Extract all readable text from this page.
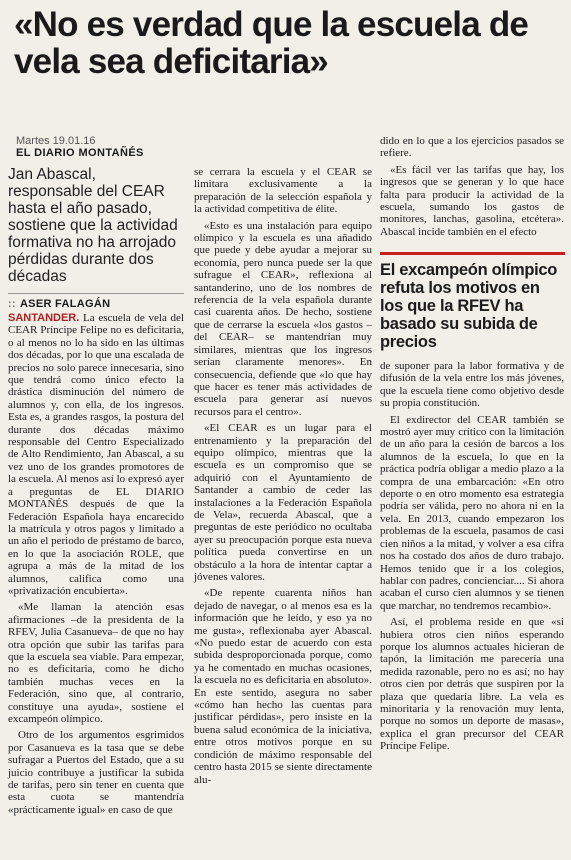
«No es verdad que la escuela de vela sea deficitaria»
Martes 19.01.16
EL DIARIO MONTAÑÉS
Jan Abascal, responsable del CEAR hasta el año pasado, sostiene que la actividad formativa no ha arrojado pérdidas durante dos décadas
:: ASER FALAGÁN

SANTANDER. La escuela de vela del CEAR Príncipe Felipe no es deficitaria, o al menos no lo ha sido en las últimas dos décadas, por lo que una escalada de precios no solo parece innecesaria, sino que tendrá como único efecto la drástica disminución del número de alumnos y, con ella, de los ingresos. Esta es, a grandes rasgos, la postura del durante dos décadas máximo responsable del Centro Especializado de Alto Rendimiento, Jan Abascal, a su vez uno de los grandes promotores de la escuela. Al menos así lo expresó ayer a preguntas de EL DIARIO MONTAÑÉS después de que la Federación Española haya encarecido la matrícula y otros pagos y limitado a un año el periodo de préstamo de barco, en lo que la asociación ROLE, que agrupa a más de la mitad de los alumnos, califica como una «privatización encubierta».

«Me llaman la atención esas afirmaciones –de la presidenta de la RFEV, Julia Casanueva– de que no hay otra opción que subir las tarifas para que la escuela sea viable. Para empezar, no es deficitaria, como he dicho también muchas veces en la Federación, sino que, al contrario, constituye una ayuda», sostiene el excampeón olímpico.

Otro de los argumentos esgrimidos por Casanueva es la tasa que se debe sufragar a Puertos del Estado, que a su juicio contribuye a justificar la subida de tarifas, pero sin tener en cuenta que esta cuota se mantendría «prácticamente igual» en caso de que

se cerrara la escuela y el CEAR se limitara exclusivamente a la preparación de la selección española y la actividad competitiva de élite.

«Esto es una instalación para equipo olímpico y la escuela es una añadido que puede y debe ayudar a mejorar su economía, pero nunca puede ser la que sufrague el CEAR», reflexiona al santanderino, uno de los nombres de referencia de la vela española durante casi cuarenta años. De hecho, sostiene que de cerrarse la escuela «los gastos –del CEAR– se mantendrían muy similares, mientras que los ingresos serían claramente menores». En consecuencia, defiende que «lo que hay que hacer es tener más actividades de escuela para generar así nuevos recursos para el centro».

«El CEAR es un lugar para el entrenamiento y la preparación del equipo olímpico, mientras que la escuela es un compromiso que se adquirió con el Ayuntamiento de Santander a cambio de ceder las instalaciones a la Federación Española de Vela», recuerda Abascal, que a preguntas de este periódico no ocultaba ayer su preocupación porque esta nueva política pueda convertirse en un obstáculo a la hora de intentar captar a jóvenes valores.

«De repente cuarenta niños han dejado de navegar, o al menos esa es la información que he leído, y eso ya no me gusta», reflexionaba ayer Abascal. «No puedo estar de acuerdo con esta subida desproporcionada porque, como ya he comentado en muchas ocasiones, la escuela no es deficitaria en absoluto». En este sentido, asegura no saber «cómo han hecho las cuentas para justificar pérdidas», pero insiste en la buena salud económica de la iniciativa, entre otros motivos porque en su condición de máximo responsable del centro hasta 2015 se siente directamente alu-

dido en lo que a los ejercicios pasados se refiere.

«Es fácil ver las tarifas que hay, los ingresos que se generan y lo que hace falta para producir la actividad de la escuela, sumando los gastos de monitores, lanchas, gasolina, etcétera». Abascal incide también en el efecto

El excampeón olímpico refuta los motivos en los que la RFEV ha basado su subida de precios

de suponer para la labor formativa y de difusión de la vela entre los más jóvenes, que la escuela tiene como objetivo desde su propia constitución.

El exdirector del CEAR también se mostró ayer muy crítico con la limitación de un año para la cesión de barcos a los alumnos de la escuela, lo que en la práctica podría obligar a medio plazo a la compra de una embarcación: «En otro deporte o en otro momento esa estrategia podría ser válida, pero no ahora ni en la vela. En 2013, cuando empezaron los problemas de la escuela, pasamos de casi cien niños a la mitad, y volver a esa cifra nos ha costado dos años de duro trabajo. Hemos tenido que ir a los colegios, hablar con padres, concienciar.... Si ahora acaban el curso cien alumnos y se tienen que marchar, no tendremos recambio».

Así, el problema reside en que «si hubiera otros cien niños esperando porque los alumnos actuales hicieran de tapón, la limitación me parecería una medida razonable, pero no es así; no hay otros cien por detrás que suspiren por la plaza que quedaría libre. La vela es minoritaria y la renovación muy lenta, porque no somos un deporte de masas», explica el gran precursor del CEAR Príncipe Felipe.
